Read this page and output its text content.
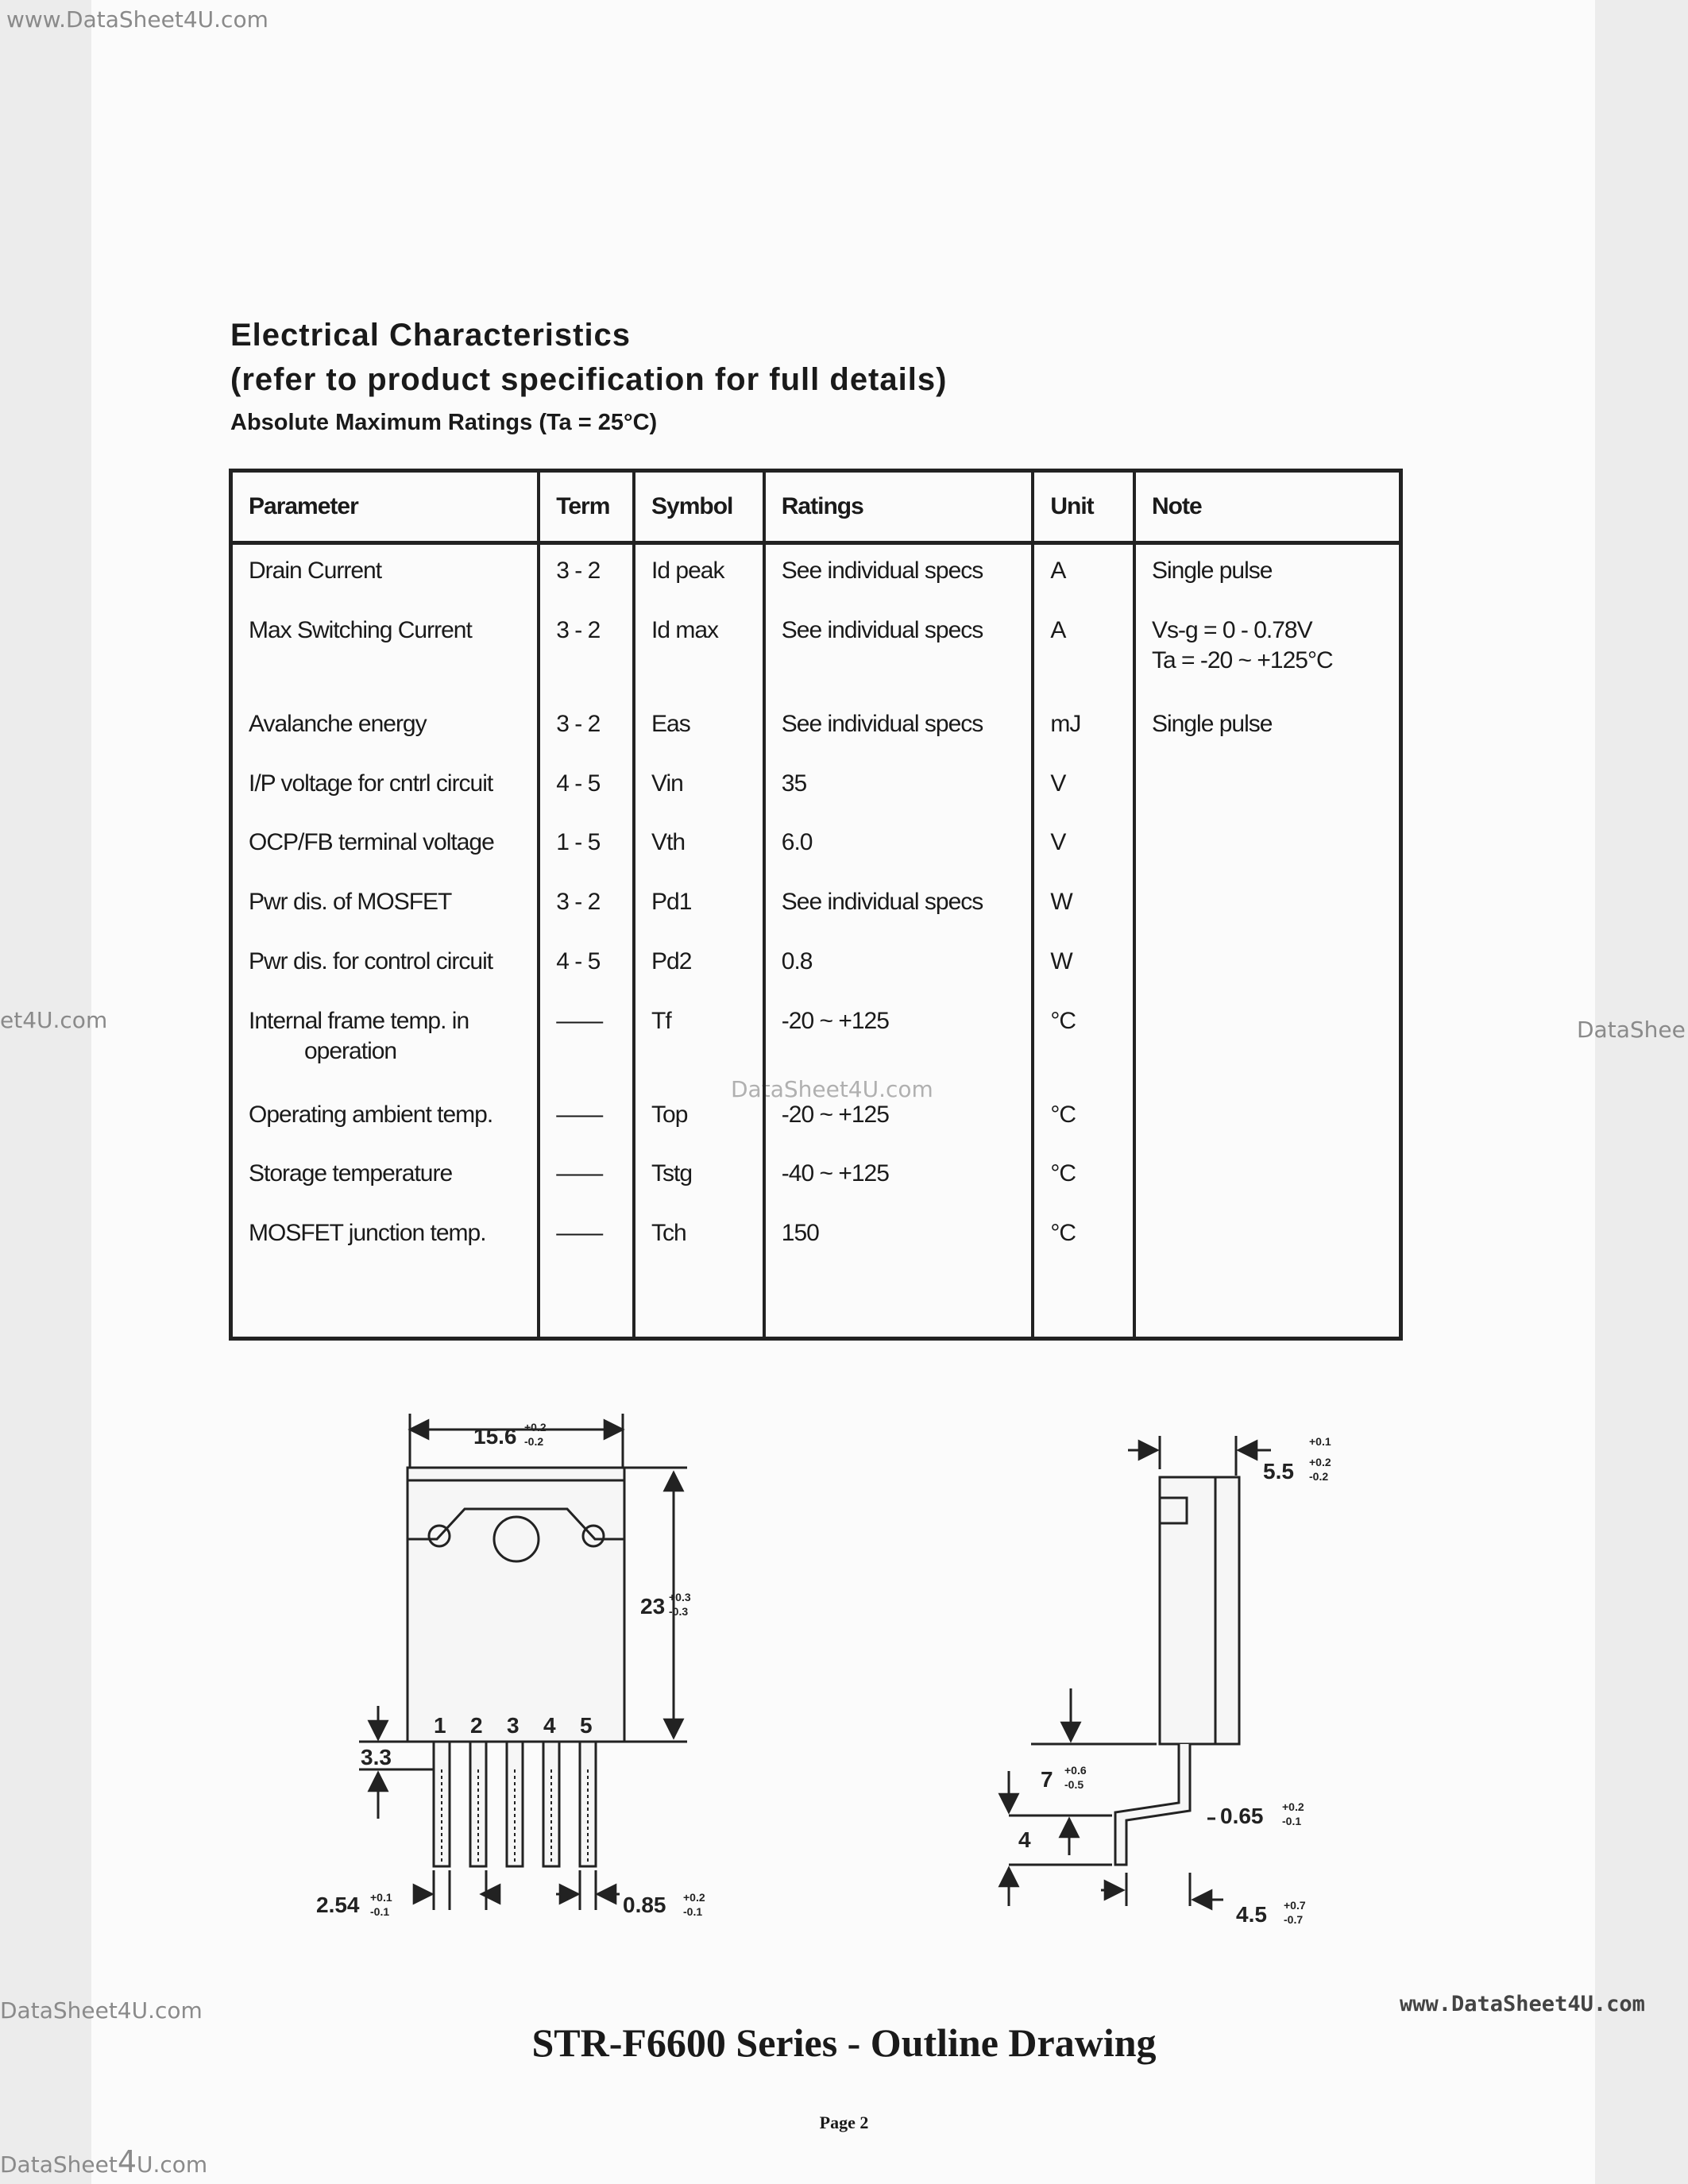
www.DataSheet4U.com
et4U.com	DataShee
DataSheet4U.com
DataSheet4U.com	www.DataSheet4U.com
DataSheet4U.com
Electrical Characteristics
(refer to product specification for full details)
Absolute Maximum Ratings (Ta = 25°C)
Parameter	Term	Symbol	Ratings	Unit	Note
Drain Current	3 - 2	Id peak	See individual specs	A	Single pulse
Max Switching Current	3 - 2	Id max	See individual specs	A	Vs-g = 0 - 0.78V
Ta = -20 ~ +125°C
Avalanche energy	3 - 2	Eas	See individual specs	mJ	Single pulse
I/P voltage for cntrl circuit	4 - 5	Vin	35	V	
OCP/FB terminal voltage	1 - 5	Vth	6.0	V	
Pwr dis. of MOSFET	3 - 2	Pd1	See individual specs	W	
Pwr dis. for control circuit	4 - 5	Pd2	0.8	W	
Internal frame temp. in
operation	——	Tf	-20 ~ +125	°C	
Operating ambient temp.	——	Top	-20 ~ +125	°C	
Storage temperature	——	Tstg	-40 ~ +125	°C	
MOSFET junction temp.	——	Tch	150	°C	

15.6 +0.2
-0.2
23 +0.3
-0.3
1 2 3 4 5
3.3
2.54 +0.1
-0.1	0.85 +0.2
-0.1
+0.1
5.5 +0.2
-0.2
7 +0.6
-0.5
4
0.65 +0.2
-0.1
4.5 +0.7
-0.7
STR-F6600 Series - Outline Drawing
Page 2
